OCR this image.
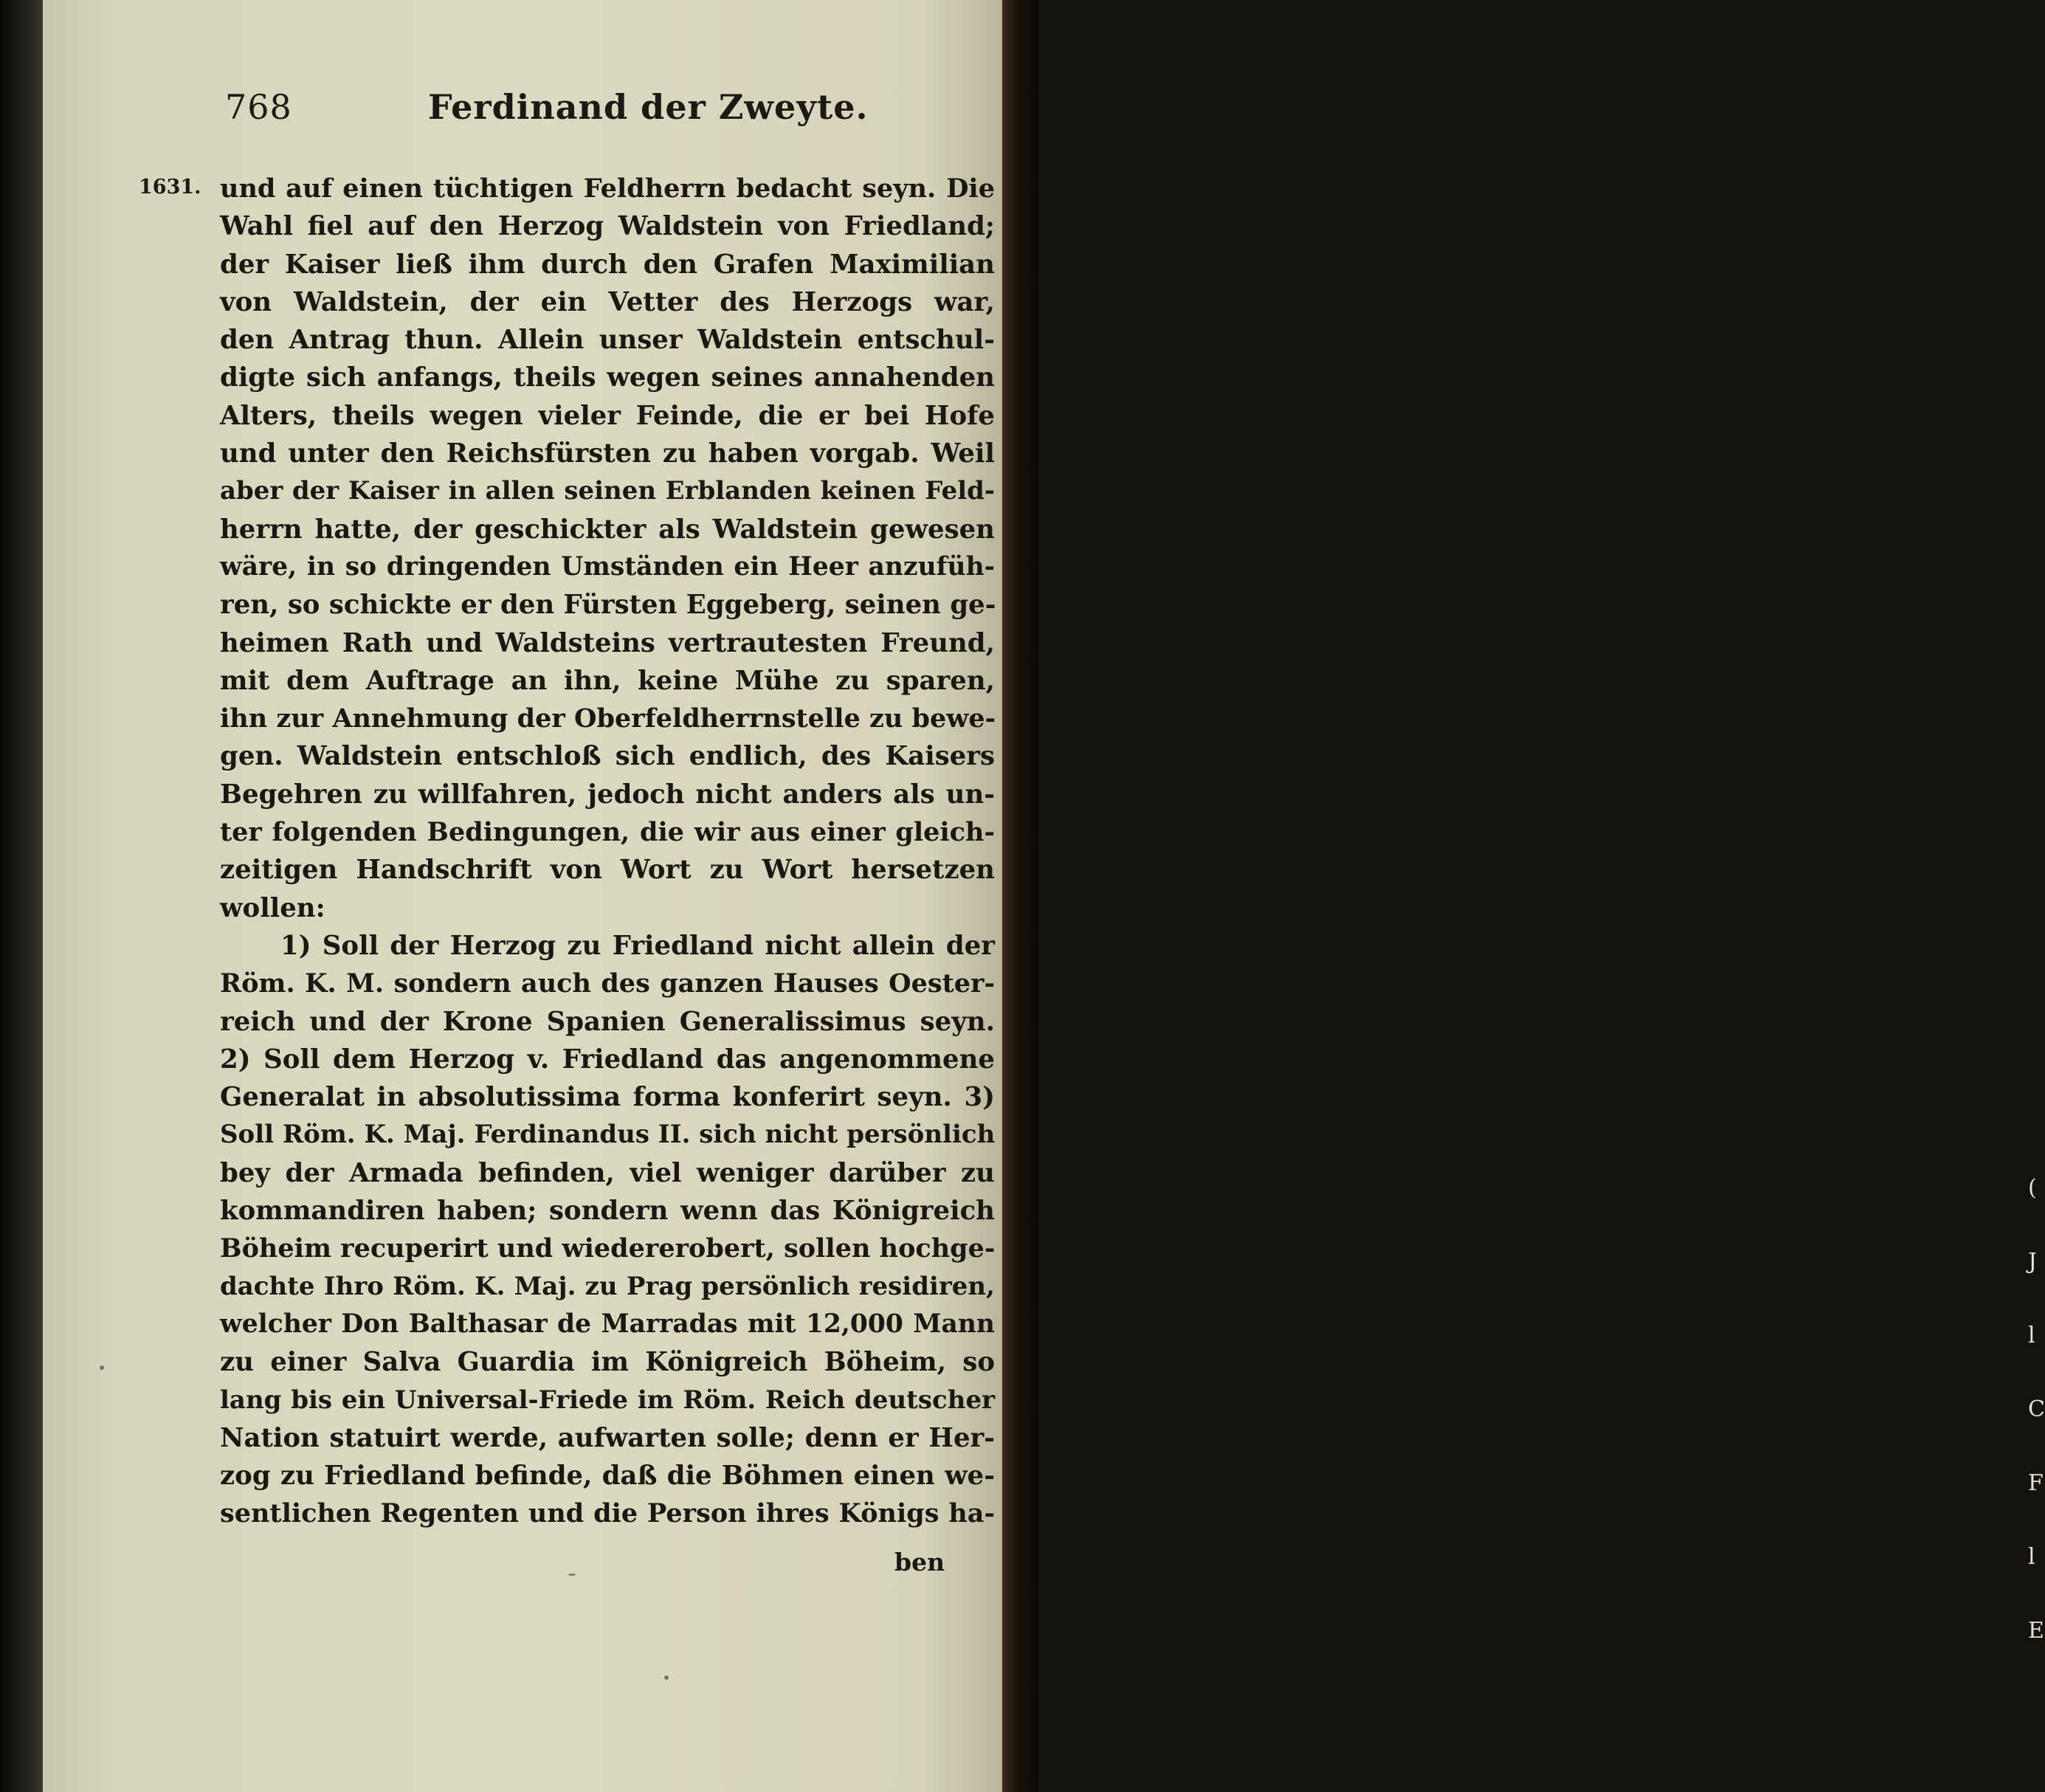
(
J
l
C
F
l
E
768	Ferdinand der Zweyte.
1631. und auf einen tüchtigen Feldherrn bedacht seyn. Die
Wahl fiel auf den Herzog Waldstein von Friedland;
der Kaiser ließ ihm durch den Grafen Maximilian
von Waldstein, der ein Vetter des Herzogs war,
den Antrag thun. Allein unser Waldstein entschul-
digte sich anfangs, theils wegen seines annahenden
Alters, theils wegen vieler Feinde, die er bei Hofe
und unter den Reichsfürsten zu haben vorgab. Weil
aber der Kaiser in allen seinen Erblanden keinen Feld-
herrn hatte, der geschickter als Waldstein gewesen
wäre, in so dringenden Umständen ein Heer anzufüh-
ren, so schickte er den Fürsten Eggeberg, seinen ge-
heimen Rath und Waldsteins vertrautesten Freund,
mit dem Auftrage an ihn, keine Mühe zu sparen,
ihn zur Annehmung der Oberfeldherrnstelle zu bewe-
gen. Waldstein entschloß sich endlich, des Kaisers
Begehren zu willfahren, jedoch nicht anders als un-
ter folgenden Bedingungen, die wir aus einer gleich-
zeitigen Handschrift von Wort zu Wort hersetzen
wollen:
1) Soll der Herzog zu Friedland nicht allein der
Röm. K. M. sondern auch des ganzen Hauses Oester-
reich und der Krone Spanien Generalissimus seyn.
2) Soll dem Herzog v. Friedland das angenommene
Generalat in absolutissima forma konferirt seyn. 3)
Soll Röm. K. Maj. Ferdinandus II. sich nicht persönlich
bey der Armada befinden, viel weniger darüber zu
kommandiren haben; sondern wenn das Königreich
Böheim recuperirt und wiedererobert, sollen hochge-
dachte Ihro Röm. K. Maj. zu Prag persönlich residiren,
welcher Don Balthasar de Marradas mit 12,000 Mann
zu einer Salva Guardia im Königreich Böheim, so
lang bis ein Universal-Friede im Röm. Reich deutscher
Nation statuirt werde, aufwarten solle; denn er Her-
zog zu Friedland befinde, daß die Böhmen einen we-
sentlichen Regenten und die Person ihres Königs ha-
ben
